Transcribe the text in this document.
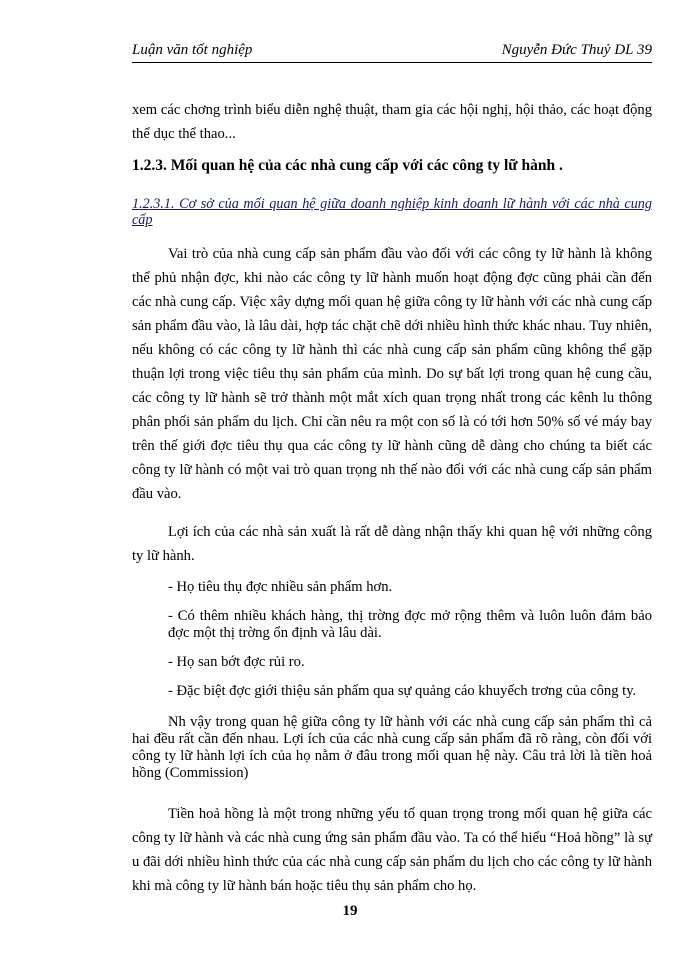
Luận văn tốt nghiệp	Nguyễn Đức Thuỷ DL 39

xem các chơng trình biểu diễn nghệ thuật, tham gia các hội nghị, hội thảo, các hoạt động thể dục thể thao...

1.2.3. Mối quan hệ của các nhà cung cấp với các công ty lữ hành .

1.2.3.1. Cơ sở của mối quan hệ giữa doanh nghiệp kinh doanh lữ hành với các nhà cung cấp

Vai trò của nhà cung cấp sản phẩm đầu vào đối với các công ty lữ hành là không thể phủ nhận đợc, khi nào các công ty lữ hành muốn hoạt động đợc cũng phải cần đến các nhà cung cấp. Việc xây dựng mối quan hệ giữa công ty lữ hành với các nhà cung cấp sản phẩm đầu vào, là lâu dài, hợp tác chặt chẽ dới nhiều hình thức khác nhau. Tuy nhiên, nếu không có các công ty lữ hành thì các nhà cung cấp sản phẩm cũng không thể gặp thuận lợi trong việc tiêu thụ sản phẩm của mình. Do sự bất lợi trong quan hệ cung cầu, các công ty lữ hành sẽ trở thành một mắt xích quan trọng nhất trong các kênh lu thông phân phối sản phẩm du lịch. Chỉ cần nêu ra một con số là có tới hơn 50% số vé máy bay trên thế giới đợc tiêu thụ qua các công ty lữ hành cũng dễ dàng cho chúng ta biết các công ty lữ hành có một vai trò quan trọng nh thế nào đối với các nhà cung cấp sản phẩm đầu vào.

Lợi ích của các nhà sản xuất là rất dễ dàng nhận thấy khi quan hệ với những công ty lữ hành.

- Họ tiêu thụ đợc nhiều sản phẩm hơn.

- Có thêm nhiều khách hàng, thị trờng đợc mở rộng thêm và luôn luôn đảm bảo đợc một thị trờng ổn định và lâu dài.

- Họ san bớt đợc rủi ro.

- Đặc biệt đợc giới thiệu sản phẩm qua sự quảng cáo khuyếch trơng của công ty.

Nh vậy trong quan hệ giữa công ty lữ hành với các nhà cung cấp sản phẩm thì cả hai đều rất cần đến nhau. Lợi ích của các nhà cung cấp sản phẩm đã rõ ràng, còn đối với công ty lữ hành lợi ích của họ nằm ở đâu trong mối quan hệ này. Câu trả lời là tiền hoả hồng (Commission)

Tiền hoả hồng là một trong những yếu tố quan trọng trong mối quan hệ giữa các công ty lữ hành và các nhà cung ứng sản phẩm đầu vào. Ta có thể hiểu “Hoả hồng” là sự u đãi dới nhiều hình thức của các nhà cung cấp sản phẩm du lịch cho các công ty lữ hành khi mà công ty lữ hành bán hoặc tiêu thụ sản phẩm cho họ.

19
